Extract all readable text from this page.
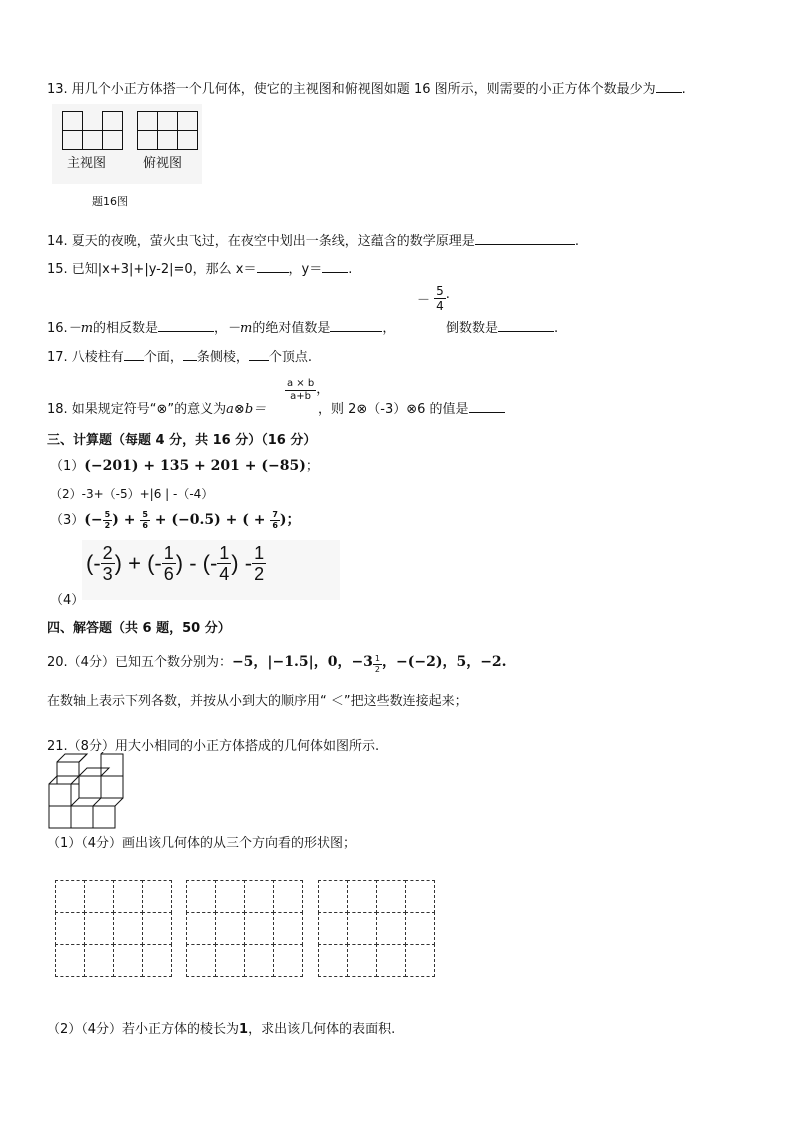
13. 用几个小正方体搭一个几何体，使它的主视图和俯视图如题 16 图所示，则需要的小正方体个数最少为 .
主视图	俯视图
题16图
14. 夏天的夜晚，萤火虫飞过，在夜空中划出一条线，这蕴含的数学原理是	.
15. 已知|x+3|+|y-2|=0，那么 x＝ ，y＝ .
－ $\frac{5}{4}$ ·
16.－m的相反数是	，－m的绝对值数是	，	倒数数是	.
17. 八棱柱有 个面， 条侧棱， 个顶点.
$\frac{a \times b}{a+b}$ ，
18. 如果规定符号“⊗”的意义为a⊗b＝	，则 2⊗（-3）⊗6 的值是
三、计算题（每题 4 分，共 16 分）（16 分）
（1）(−201) + 135 + 201 + (−85)；
（2）-3+（-5）+|6 | -（-4）
$(3)(- \frac{5}{2}$ ) + $\frac{5}{6} + (-0.5)$ + ( + $\frac{7}{6}$ )；
(- $\frac{2}{3}$ ) + (- $\frac{1}{6}$ ) - (- $\frac{1}{4}$ ) - $\frac{1}{2}$
（4）
四、解答题（共 6 题，50 分）
20.（4分）已知五个数分别为：−5，|−1.5|，0，$-3 \frac{1}{2}$ ，−(−2)，5，−2.
在数轴上表示下列各数，并按从小到大的顺序用“ ＜”把这些数连接起来；
21.（8分）用大小相同的小正方体搭成的几何体如图所示.
（1）（4分）画出该几何体的从三个方向看的形状图；
（2）（4分）若小正方体的棱长为1，求出该几何体的表面积.
